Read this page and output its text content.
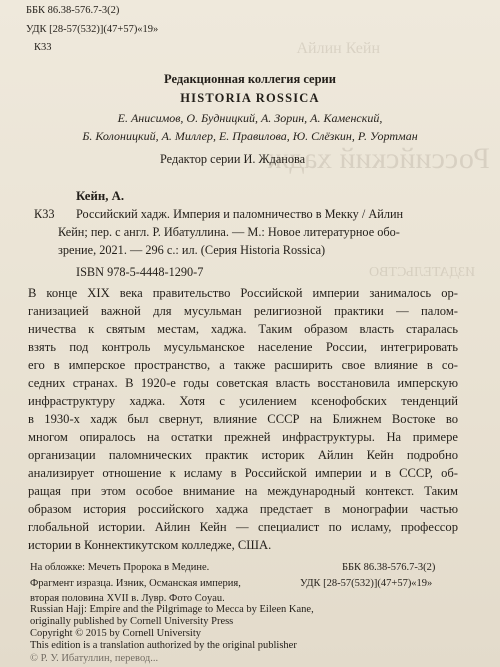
Айлин Кейн
Российский хадж
ИЗДАТЕЛЬСТВО
ББК 86.38-576.7-3(2)
УДК [28-57(532)](47+57)«19»
К33
Редакционная коллегия серии
HISTORIA ROSSICA
Е. Анисимов, О. Будницкий, А. Зорин, А. Каменский,
Б. Колоницкий, А. Миллер, Е. Правилова, Ю. Слёзкин, Р. Уортман
Редактор серии И. Жданова
Кейн, А.
К33 Российский хадж. Империя и паломничество в Мекку / Айлин
Кейн; пер. с англ. Р. Ибатуллина. — М.: Новое литературное обо-
зрение, 2021. — 296 с.: ил. (Серия Historia Rossica)
ISBN 978-5-4448-1290-7
В конце XIX века правительство Российской империи занималось ор-
ганизацией важной для мусульман религиозной практики — палом-
ничества к святым местам, хаджа. Таким образом власть старалась
взять под контроль мусульманское население России, интегрировать
его в имперское пространство, а также расширить свое влияние в со-
седних странах. В 1920-е годы советская власть восстановила имперскую
инфраструктуру хаджа. Хотя с усилением ксенофобских тенденций
в 1930-х хадж был свернут, влияние СССР на Ближнем Востоке во
многом опиралось на остатки прежней инфраструктуры. На примере
организации паломнических практик историк Айлин Кейн подробно
анализирует отношение к исламу в Российской империи и в СССР, об-
ращая при этом особое внимание на международный контекст. Таким
образом история российского хаджа предстает в монографии частью
глобальной истории. Айлин Кейн — специалист по исламу, профессор
истории в Коннектикутском колледже, США.
На обложке: Мечеть Пророка в Медине.
Фрагмент изразца. Изник, Османская империя,
вторая половина XVII в. Лувр. Фото Coyau.
ББК 86.38-576.7-3(2)
УДК [28-57(532)](47+57)«19»
Russian Hajj: Empire and the Pilgrimage to Mecca by Eileen Kane,
originally published by Cornell University Press
Copyright © 2015 by Cornell University
This edition is a translation authorized by the original publisher
© Р. У. Ибатуллин, перевод...
